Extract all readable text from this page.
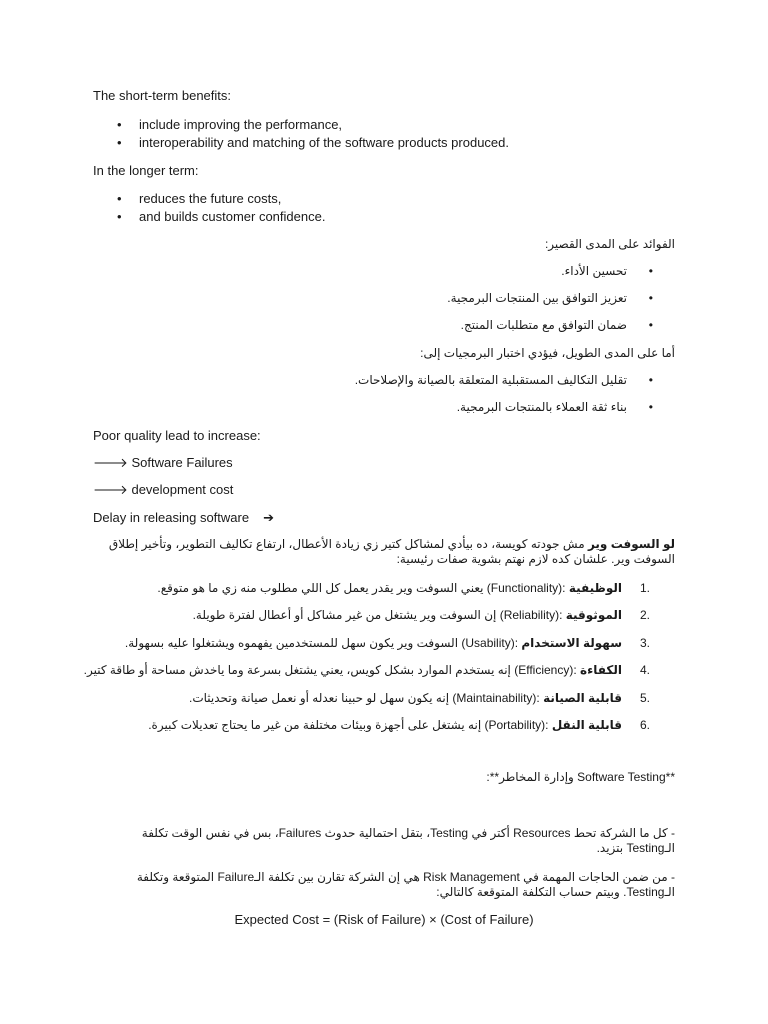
The short-term benefits:
• include improving the performance,
• interoperability and matching of the software products produced.
In the longer term:
• reduces the future costs,
• and builds customer confidence.
الفوائد على المدى القصير:
•تحسين الأداء.
•تعزيز التوافق بين المنتجات البرمجية.
•ضمان التوافق مع متطلبات المنتج.
أما على المدى الطويل، فيؤدي اختبار البرمجيات إلى:
•تقليل التكاليف المستقبلية المتعلقة بالصيانة والإصلاحات.
•بناء ثقة العملاء بالمنتجات البرمجية.
Poor quality lead to increase:
🡒 Software Failures
🡒 development cost
Delay in releasing software ➔
لو السوفت وير مش جودته كويسة، ده بيأدي لمشاكل كتير زي زيادة الأعطال، ارتفاع تكاليف التطوير، وتأخير إطلاق السوفت وير. علشان كده لازم نهتم بشوية صفات رئيسية:
.1الوظيفية :(Functionality) يعني السوفت وير يقدر يعمل كل اللي مطلوب منه زي ما هو متوقع.
.2الموثوقية :(Reliability) إن السوفت وير يشتغل من غير مشاكل أو أعطال لفترة طويلة.
.3سهولة الاستخدام :(Usability) السوفت وير يكون سهل للمستخدمين يفهموه ويشتغلوا عليه بسهولة.
.4الكفاءة :(Efficiency) إنه يستخدم الموارد بشكل كويس، يعني يشتغل بسرعة وما ياخدش مساحة أو طاقة كتير.
.5قابلية الصيانة :(Maintainability) إنه يكون سهل لو حبينا نعدله أو نعمل صيانة وتحديثات.
.6قابلية النقل :(Portability) إنه يشتغل على أجهزة وبيئات مختلفة من غير ما يحتاج تعديلات كبيرة.
**Software Testing وإدارة المخاطر**:
- كل ما الشركة تحط Resources أكتر في Testing، بتقل احتمالية حدوث Failures، بس في نفس الوقت تكلفة الـTesting بتزيد.
- من ضمن الحاجات المهمة في Risk Management هي إن الشركة تقارن بين تكلفة الـFailure المتوقعة وتكلفة الـTesting. وبيتم حساب التكلفة المتوقعة كالتالي:
Expected Cost = (Risk of Failure) × (Cost of Failure)
